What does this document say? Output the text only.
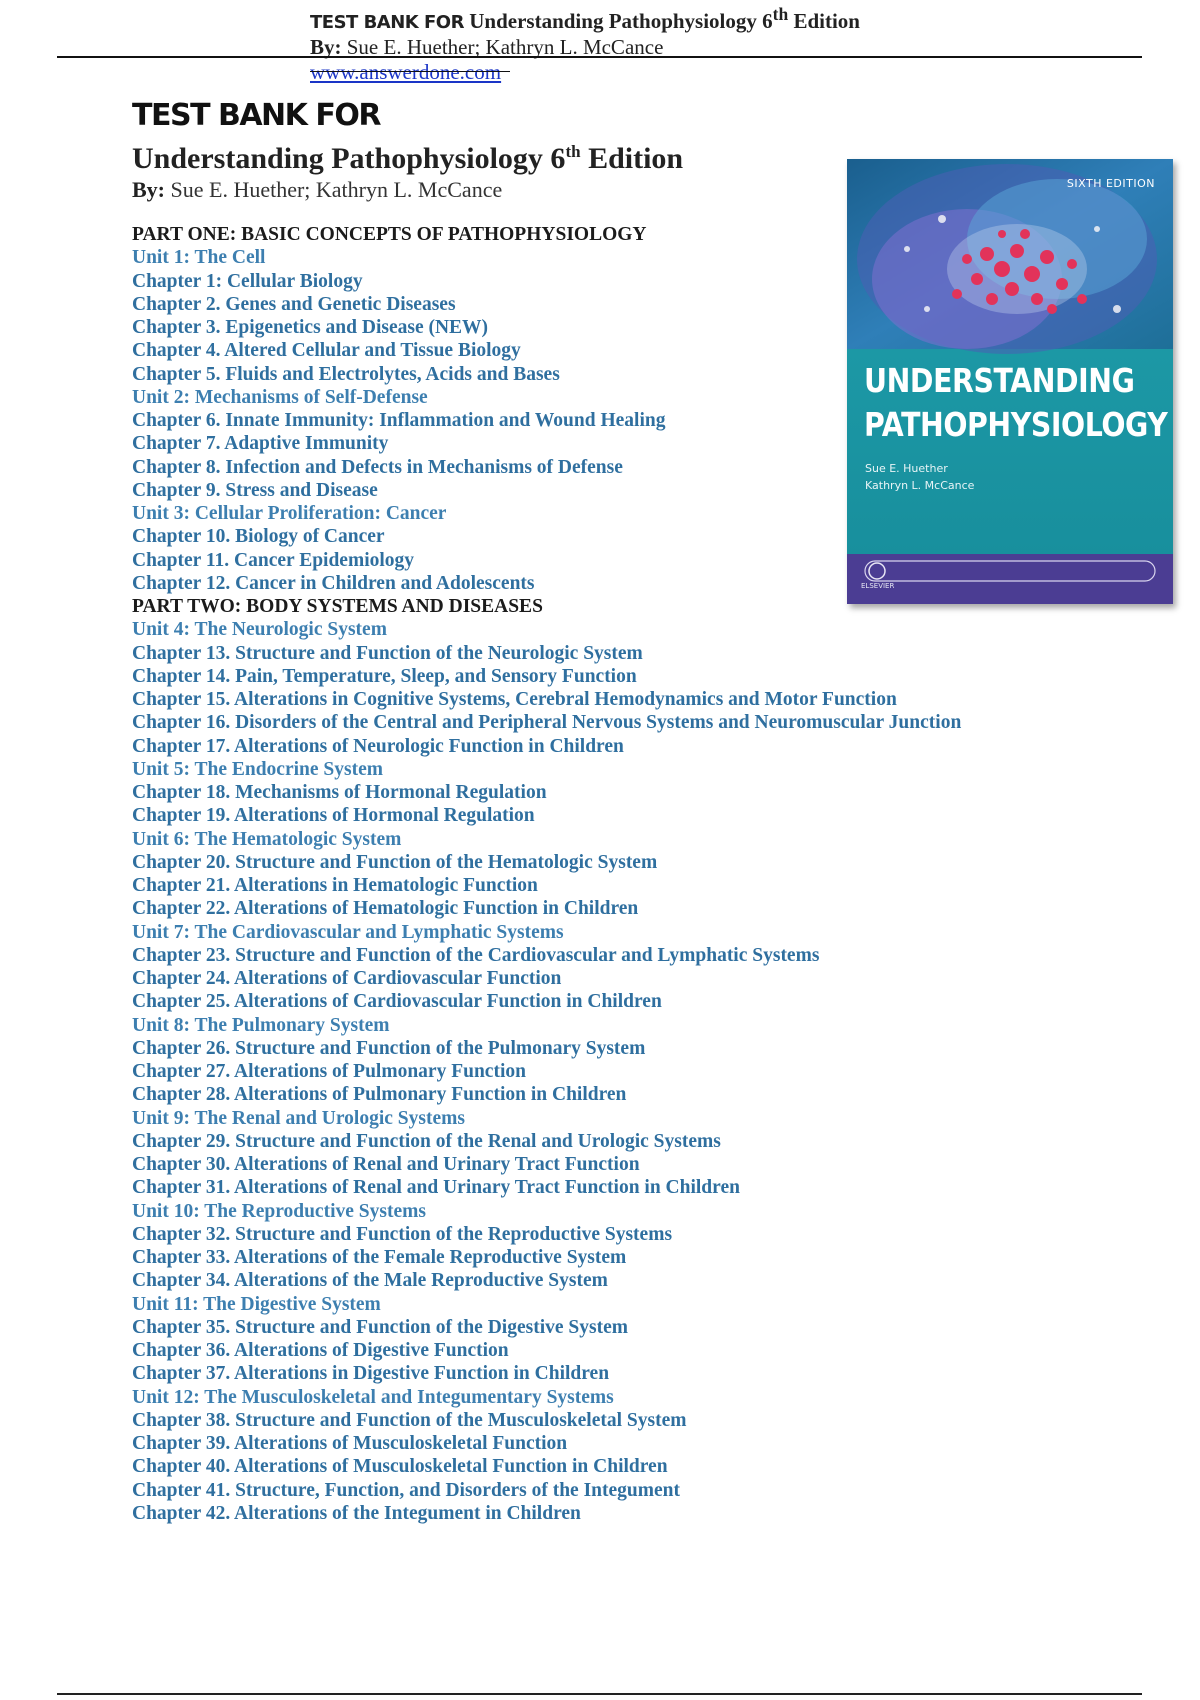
TEST BANK FOR Understanding Pathophysiology 6th Edition
By: Sue E. Huether; Kathryn L. McCance
www.answerdone.com
TEST BANK FOR
Understanding Pathophysiology 6th Edition
By: Sue E. Huether; Kathryn L. McCance
PART ONE: BASIC CONCEPTS OF PATHOPHYSIOLOGY
Unit 1: The Cell
Chapter 1: Cellular Biology
Chapter 2. Genes and Genetic Diseases
Chapter 3. Epigenetics and Disease (NEW)
Chapter 4. Altered Cellular and Tissue Biology
Chapter 5. Fluids and Electrolytes, Acids and Bases
Unit 2: Mechanisms of Self-Defense
Chapter 6. Innate Immunity: Inflammation and Wound Healing
Chapter 7. Adaptive Immunity
Chapter 8. Infection and Defects in Mechanisms of Defense
Chapter 9. Stress and Disease
Unit 3: Cellular Proliferation: Cancer
Chapter 10. Biology of Cancer
Chapter 11. Cancer Epidemiology
Chapter 12. Cancer in Children and Adolescents
PART TWO: BODY SYSTEMS AND DISEASES
Unit 4: The Neurologic System
Chapter 13. Structure and Function of the Neurologic System
Chapter 14. Pain, Temperature, Sleep, and Sensory Function
Chapter 15. Alterations in Cognitive Systems, Cerebral Hemodynamics and Motor Function
Chapter 16. Disorders of the Central and Peripheral Nervous Systems and Neuromuscular Junction
Chapter 17. Alterations of Neurologic Function in Children
Unit 5: The Endocrine System
Chapter 18. Mechanisms of Hormonal Regulation
Chapter 19. Alterations of Hormonal Regulation
Unit 6: The Hematologic System
Chapter 20. Structure and Function of the Hematologic System
Chapter 21. Alterations in Hematologic Function
Chapter 22. Alterations of Hematologic Function in Children
Unit 7: The Cardiovascular and Lymphatic Systems
Chapter 23. Structure and Function of the Cardiovascular and Lymphatic Systems
Chapter 24. Alterations of Cardiovascular Function
Chapter 25. Alterations of Cardiovascular Function in Children
Unit 8: The Pulmonary System
Chapter 26. Structure and Function of the Pulmonary System
Chapter 27. Alterations of Pulmonary Function
Chapter 28. Alterations of Pulmonary Function in Children
Unit 9: The Renal and Urologic Systems
Chapter 29. Structure and Function of the Renal and Urologic Systems
Chapter 30. Alterations of Renal and Urinary Tract Function
Chapter 31. Alterations of Renal and Urinary Tract Function in Children
Unit 10: The Reproductive Systems
Chapter 32. Structure and Function of the Reproductive Systems
Chapter 33. Alterations of the Female Reproductive System
Chapter 34. Alterations of the Male Reproductive System
Unit 11: The Digestive System
Chapter 35. Structure and Function of the Digestive System
Chapter 36. Alterations of Digestive Function
Chapter 37. Alterations in Digestive Function in Children
Unit 12: The Musculoskeletal and Integumentary Systems
Chapter 38. Structure and Function of the Musculoskeletal System
Chapter 39. Alterations of Musculoskeletal Function
Chapter 40. Alterations of Musculoskeletal Function in Children
Chapter 41. Structure, Function, and Disorders of the Integument
Chapter 42. Alterations of the Integument in Children
SIXTH EDITION
UNDERSTANDING
PATHOPHYSIOLOGY
Sue E. Huether
Kathryn L. McCance
ELSEVIER
